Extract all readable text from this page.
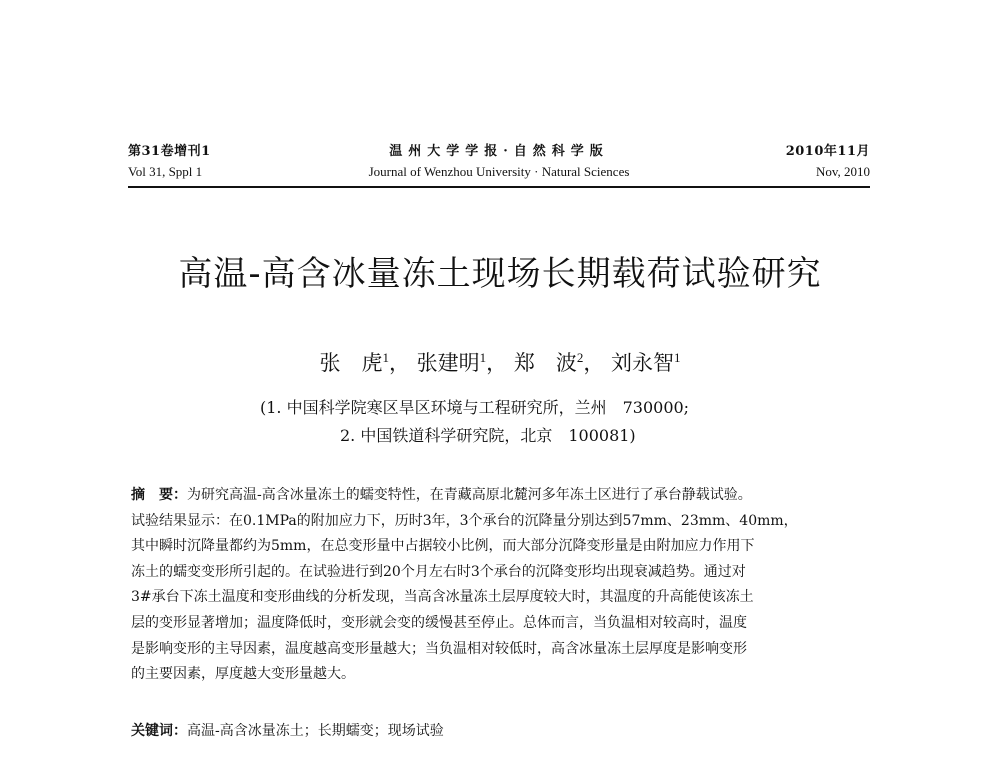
第31卷增刊1
Vol 31, Sppl 1
温州大学学报·自然科学版
Journal of Wenzhou University · Natural Sciences
2010年11月
Nov, 2010
高温-高含冰量冻土现场长期载荷试验研究
张　虎$^1$， 张建明$^1$， 郑　波$^2$， 刘永智$^1$
(1. 中国科学院寒区旱区环境与工程研究所，兰州　730000;
2. 中国铁道科学研究院，北京　100081)
摘　要：为研究高温-高含冰量冻土的蠕变特性，在青藏高原北麓河多年冻土区进行了承台静载试验。
试验结果显示：在0.1MPa的附加应力下，历时3年，3个承台的沉降量分别达到57mm、23mm、40mm，
其中瞬时沉降量都约为5mm，在总变形量中占据较小比例，而大部分沉降变形量是由附加应力作用下
冻土的蠕变变形所引起的。在试验进行到20个月左右时3个承台的沉降变形均出现衰减趋势。通过对
3#承台下冻土温度和变形曲线的分析发现，当高含冰量冻土层厚度较大时，其温度的升高能使该冻土
层的变形显著增加；温度降低时，变形就会变的缓慢甚至停止。总体而言，当负温相对较高时，温度
是影响变形的主导因素，温度越高变形量越大；当负温相对较低时，高含冰量冻土层厚度是影响变形
的主要因素，厚度越大变形量越大。
关键词：高温-高含冰量冻土；长期蠕变；现场试验
